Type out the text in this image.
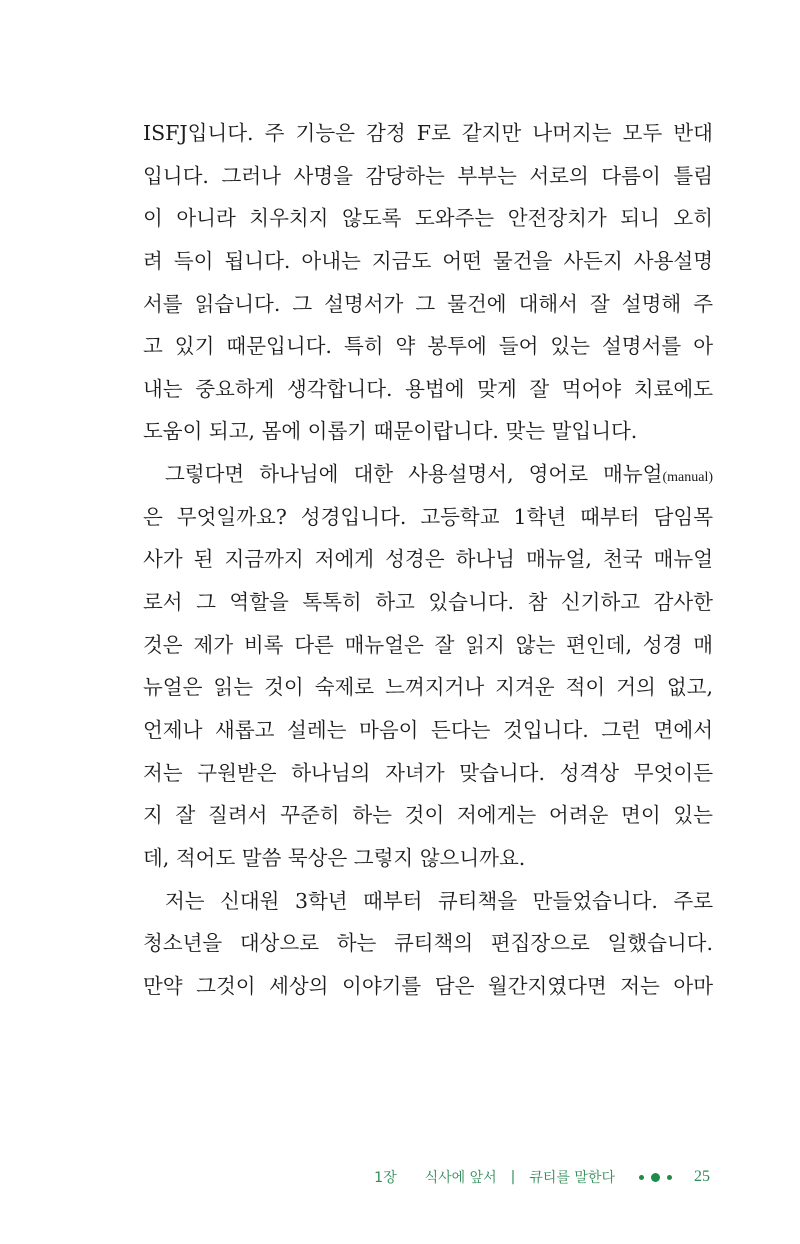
ISFJ입니다. 주 기능은 감정 F로 같지만 나머지는 모두 반대
입니다. 그러나 사명을 감당하는 부부는 서로의 다름이 틀림
이 아니라 치우치지 않도록 도와주는 안전장치가 되니 오히
려 득이 됩니다. 아내는 지금도 어떤 물건을 사든지 사용설명
서를 읽습니다. 그 설명서가 그 물건에 대해서 잘 설명해 주
고 있기 때문입니다. 특히 약 봉투에 들어 있는 설명서를 아
내는 중요하게 생각합니다. 용법에 맞게 잘 먹어야 치료에도
도움이 되고, 몸에 이롭기 때문이랍니다. 맞는 말입니다.
그렇다면 하나님에 대한 사용설명서, 영어로 매뉴얼(manual)
은 무엇일까요? 성경입니다. 고등학교 1학년 때부터 담임목
사가 된 지금까지 저에게 성경은 하나님 매뉴얼, 천국 매뉴얼
로서 그 역할을 톡톡히 하고 있습니다. 참 신기하고 감사한
것은 제가 비록 다른 매뉴얼은 잘 읽지 않는 편인데, 성경 매
뉴얼은 읽는 것이 숙제로 느껴지거나 지겨운 적이 거의 없고,
언제나 새롭고 설레는 마음이 든다는 것입니다. 그런 면에서
저는 구원받은 하나님의 자녀가 맞습니다. 성격상 무엇이든
지 잘 질려서 꾸준히 하는 것이 저에게는 어려운 면이 있는
데, 적어도 말씀 묵상은 그렇지 않으니까요.
저는 신대원 3학년 때부터 큐티책을 만들었습니다. 주로
청소년을 대상으로 하는 큐티책의 편집장으로 일했습니다.
만약 그것이 세상의 이야기를 담은 월간지였다면 저는 아마
1장 식사에 앞서 | 큐티를 말한다	25
